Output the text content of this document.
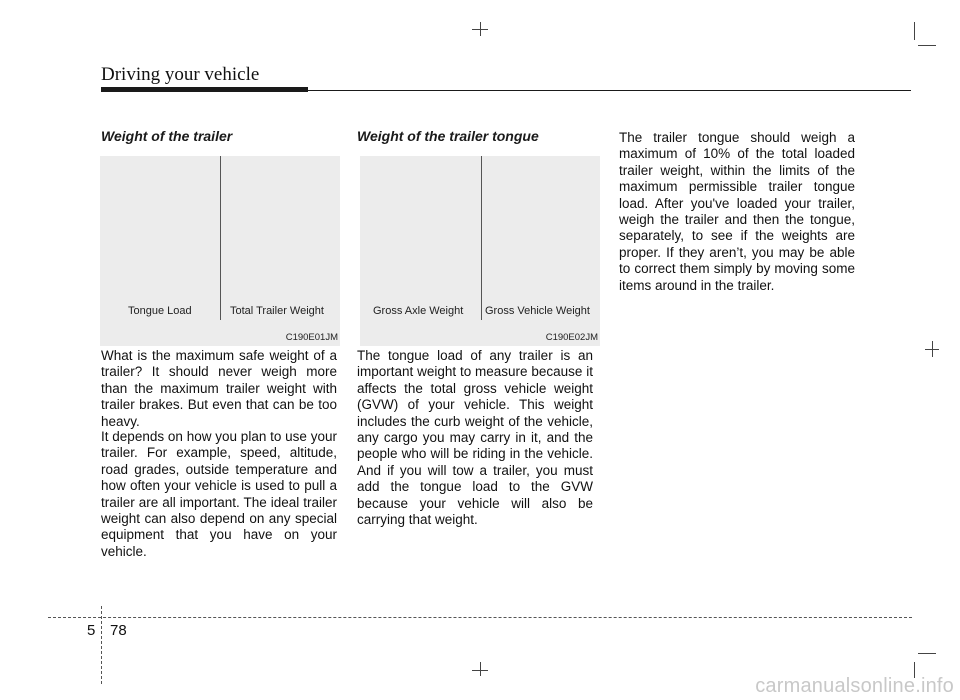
Driving your vehicle
Weight of the trailer
Tongue Load	Total Trailer Weight
C190E01JM

What is the maximum safe weight of a trailer? It should never weigh more than the maximum trailer weight with trailer brakes. But even that can be too heavy.

It depends on how you plan to use your trailer. For example, speed, altitude, road grades, outside temperature and how often your vehicle is used to pull a trailer are all important. The ideal trailer weight can also depend on any special equipment that you have on your vehicle.

Weight of the trailer tongue
Gross Axle Weight Gross Vehicle Weight
C190E02JM

The tongue load of any trailer is an important weight to measure because it affects the total gross vehicle weight (GVW) of your vehicle. This weight includes the curb weight of the vehicle, any cargo you may carry in it, and the people who will be riding in the vehicle. And if you will tow a trailer, you must add the tongue load to the GVW because your vehicle will also be carrying that weight.

The trailer tongue should weigh a maximum of 10% of the total loaded trailer weight, within the limits of the maximum permissible trailer tongue load. After you've loaded your trailer, weigh the trailer and then the tongue, separately, to see if the weights are proper. If they aren’t, you may be able to correct them simply by moving some items around in the trailer.

5 78
carmanualsonline.info
